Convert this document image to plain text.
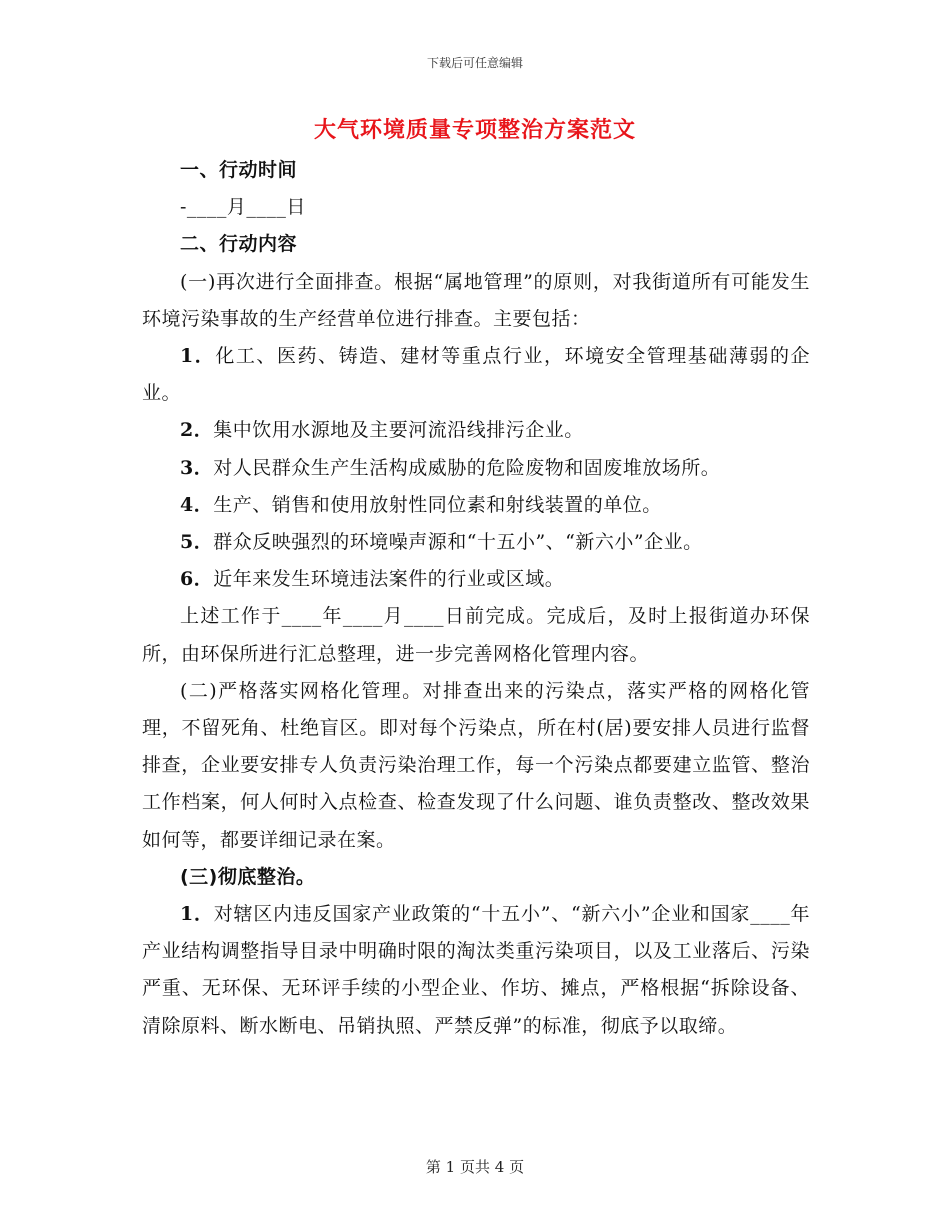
下载后可任意编辑
大气环境质量专项整治方案范文

一、行动时间

-____月____日

二、行动内容

(一)再次进行全面排查。根据“属地管理”的原则，对我街道所有可能发生环境污染事故的生产经营单位进行排查。主要包括：

1．化工、医药、铸造、建材等重点行业，环境安全管理基础薄弱的企业。

2．集中饮用水源地及主要河流沿线排污企业。

3．对人民群众生产生活构成威胁的危险废物和固废堆放场所。

4．生产、销售和使用放射性同位素和射线装置的单位。

5．群众反映强烈的环境噪声源和“十五小”、“新六小”企业。

6．近年来发生环境违法案件的行业或区域。

上述工作于____年____月____日前完成。完成后，及时上报街道办环保所，由环保所进行汇总整理，进一步完善网格化管理内容。

(二)严格落实网格化管理。对排查出来的污染点，落实严格的网格化管理，不留死角、杜绝盲区。即对每个污染点，所在村(居)要安排人员进行监督排查，企业要安排专人负责污染治理工作，每一个污染点都要建立监管、整治工作档案，何人何时入点检查、检查发现了什么问题、谁负责整改、整改效果如何等，都要详细记录在案。

(三)彻底整治。

1．对辖区内违反国家产业政策的“十五小”、“新六小”企业和国家____年产业结构调整指导目录中明确时限的淘汰类重污染项目，以及工业落后、污染严重、无环保、无环评手续的小型企业、作坊、摊点，严格根据“拆除设备、清除原料、断水断电、吊销执照、严禁反弹”的标准，彻底予以取缔。

第 1 页共 4 页
